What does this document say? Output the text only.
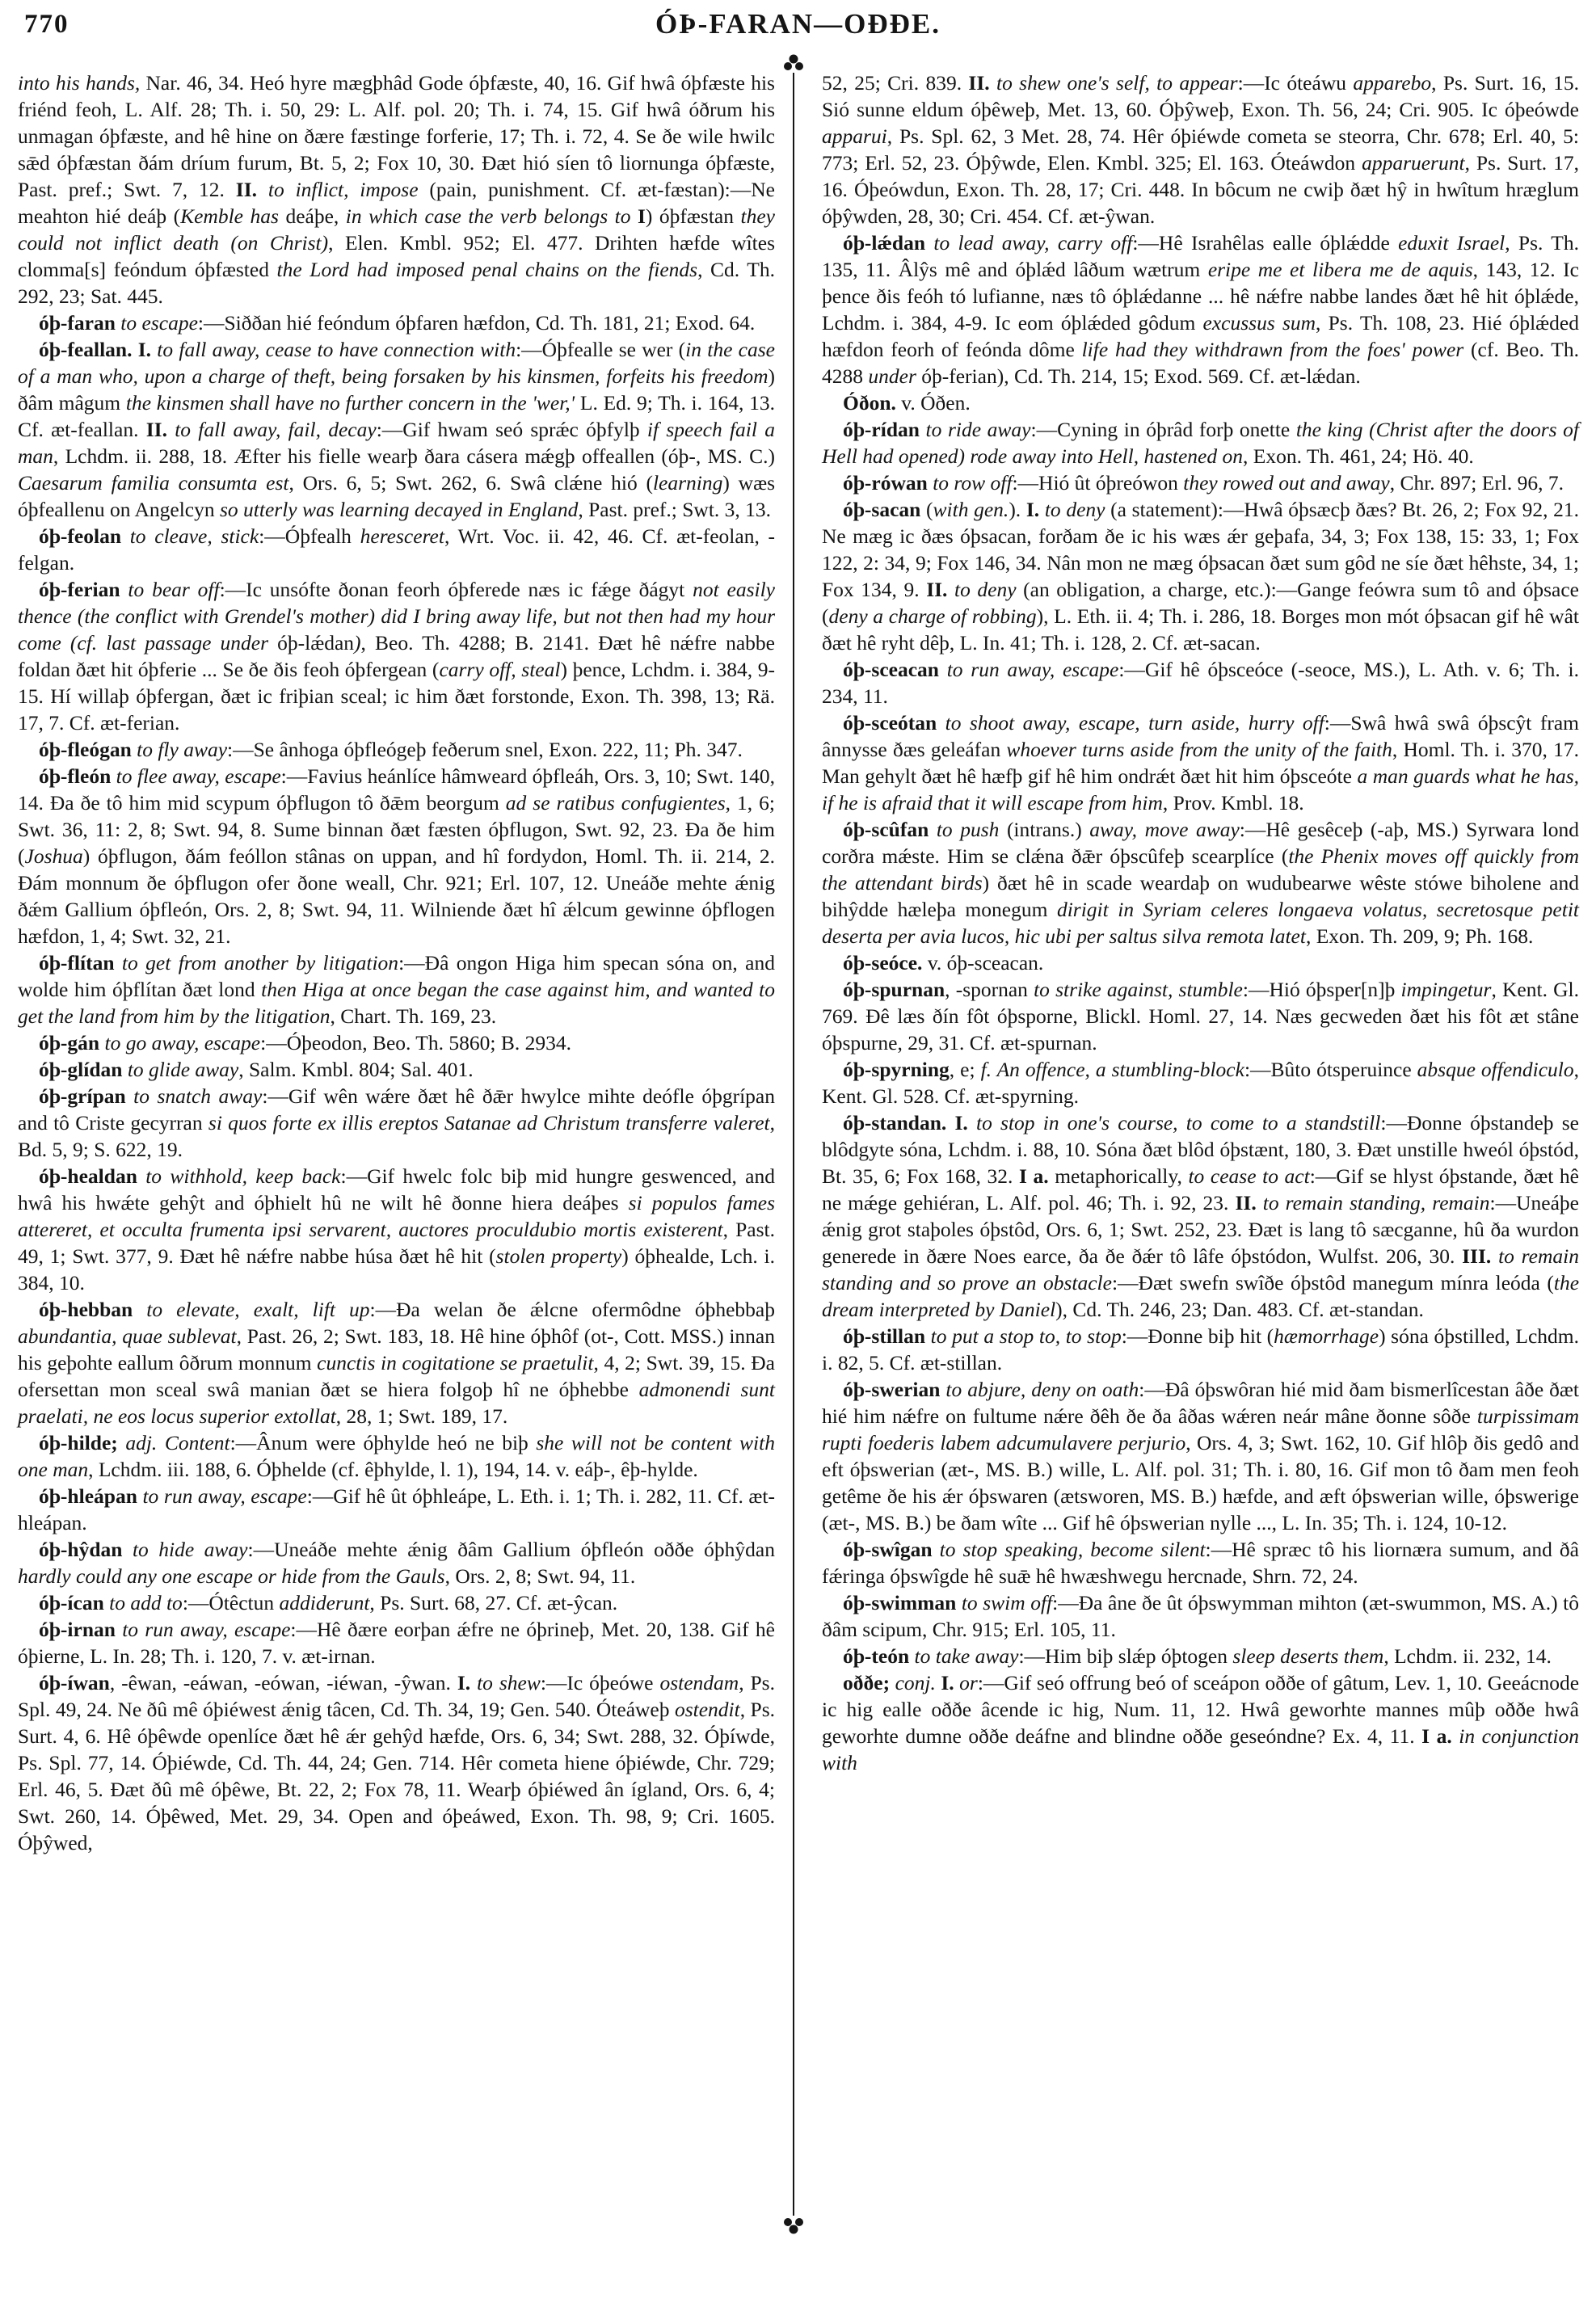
770	ÓÞ-FARAN—OÐÐE.

into his hands, Nar. 46, 34. Heó hyre mægþhâd Gode óþfæste, 40, 16. Gif hwâ óþfæste his friénd feoh, L. Alf. 28; Th. i. 50, 29: L. Alf. pol. 20; Th. i. 74, 15. Gif hwâ óðrum his unmagan óþfæste, and hê hine on ðære fæstinge forferie, 17; Th. i. 72, 4. Se ðe wile hwilc sǣd óþfæstan ðám dríum furum, Bt. 5, 2; Fox 10, 30. Ðæt hió síen tô liornunga óþfæste, Past. pref.; Swt. 7, 12. II. to inflict, impose (pain, punishment. Cf. æt-fæstan):—Ne meahton hié deáþ (Kemble has deáþe, in which case the verb belongs to I) óþfæstan they could not inflict death (on Christ), Elen. Kmbl. 952; El. 477. Drihten hæfde wîtes clomma[s] feóndum óþfæsted the Lord had imposed penal chains on the fiends, Cd. Th. 292, 23; Sat. 445.

óþ-faran to escape:—Siððan hié feóndum óþfaren hæfdon, Cd. Th. 181, 21; Exod. 64.

óþ-feallan. I. to fall away, cease to have connection with:—Óþfealle se wer (in the case of a man who, upon a charge of theft, being forsaken by his kinsmen, forfeits his freedom) ðâm mâgum the kinsmen shall have no further concern in the 'wer,' L. Ed. 9; Th. i. 164, 13. Cf. æt-feallan. II. to fall away, fail, decay:—Gif hwam seó sprǽc óþfylþ if speech fail a man, Lchdm. ii. 288, 18. Æfter his fielle wearþ ðara cásera mǽgþ offeallen (óþ-, MS. C.) Caesarum familia consumta est, Ors. 6, 5; Swt. 262, 6. Swâ clǽne hió (learning) wæs óþfeallenu on Angelcyn so utterly was learning decayed in England, Past. pref.; Swt. 3, 13.

óþ-feolan to cleave, stick:—Óþfealh heresceret, Wrt. Voc. ii. 42, 46. Cf. æt-feolan, -felgan.

óþ-ferian to bear off:—Ic unsófte ðonan feorh óþferede næs ic fǽge ðágyt not easily thence (the conflict with Grendel's mother) did I bring away life, but not then had my hour come (cf. last passage under óþ-lǽdan), Beo. Th. 4288; B. 2141. Ðæt hê nǽfre nabbe foldan ðæt hit óþferie ... Se ðe ðis feoh óþfergean (carry off, steal) þence, Lchdm. i. 384, 9-15. Hí willaþ óþfergan, ðæt ic friþian sceal; ic him ðæt forstonde, Exon. Th. 398, 13; Rä. 17, 7. Cf. æt-ferian.

óþ-fleógan to fly away:—Se ânhoga óþfleógeþ feðerum snel, Exon. 222, 11; Ph. 347.

óþ-fleón to flee away, escape:—Favius heánlíce hâmweard óþfleáh, Ors. 3, 10; Swt. 140, 14. Ða ðe tô him mid scypum óþflugon tô ðǣm beorgum ad se ratibus confugientes, 1, 6; Swt. 36, 11: 2, 8; Swt. 94, 8. Sume binnan ðæt fæsten óþflugon, Swt. 92, 23. Ða ðe him (Joshua) óþflugon, ðám feóllon stânas on uppan, and hî fordydon, Homl. Th. ii. 214, 2. Ðám monnum ðe óþflugon ofer ðone weall, Chr. 921; Erl. 107, 12. Uneáðe mehte ǽnig ðǽm Gallium óþfleón, Ors. 2, 8; Swt. 94, 11. Wilniende ðæt hî ǽlcum gewinne óþflogen hæfdon, 1, 4; Swt. 32, 21.

óþ-flítan to get from another by litigation:—Ðâ ongon Higa him specan sóna on, and wolde him óþflítan ðæt lond then Higa at once began the case against him, and wanted to get the land from him by the litigation, Chart. Th. 169, 23.

óþ-gán to go away, escape:—Óþeodon, Beo. Th. 5860; B. 2934.

óþ-glídan to glide away, Salm. Kmbl. 804; Sal. 401.

óþ-grípan to snatch away:—Gif wên wǽre ðæt hê ðǣr hwylce mihte deófle óþgrípan and tô Criste gecyrran si quos forte ex illis ereptos Satanae ad Christum transferre valeret, Bd. 5, 9; S. 622, 19.

óþ-healdan to withhold, keep back:—Gif hwelc folc biþ mid hungre geswenced, and hwâ his hwǽte gehŷt and óþhielt hû ne wilt hê ðonne hiera deáþes si populos fames attereret, et occulta frumenta ipsi servarent, auctores proculdubio mortis existerent, Past. 49, 1; Swt. 377, 9. Ðæt hê nǽfre nabbe húsa ðæt hê hit (stolen property) óþhealde, Lch. i. 384, 10.

óþ-hebban to elevate, exalt, lift up:—Ða welan ðe ǽlcne ofermôdne óþhebbaþ abundantia, quae sublevat, Past. 26, 2; Swt. 183, 18. Hê hine óþhôf (ot-, Cott. MSS.) innan his geþohte eallum ôðrum monnum cunctis in cogitatione se praetulit, 4, 2; Swt. 39, 15. Ða ofersettan mon sceal swâ manian ðæt se hiera folgoþ hî ne óþhebbe admonendi sunt praelati, ne eos locus superior extollat, 28, 1; Swt. 189, 17.

óþ-hilde; adj. Content:—Ânum were óþhylde heó ne biþ she will not be content with one man, Lchdm. iii. 188, 6. Óþhelde (cf. êþhylde, l. 1), 194, 14. v. eáþ-, êþ-hylde.

óþ-hleápan to run away, escape:—Gif hê ût óþhleápe, L. Eth. i. 1; Th. i. 282, 11. Cf. æt-hleápan.

óþ-hŷdan to hide away:—Uneáðe mehte ǽnig ðâm Gallium óþfleón oððe óþhŷdan hardly could any one escape or hide from the Gauls, Ors. 2, 8; Swt. 94, 11.

óþ-ícan to add to:—Ótêctun addiderunt, Ps. Surt. 68, 27. Cf. æt-ŷcan.

óþ-irnan to run away, escape:—Hê ðære eorþan ǽfre ne óþrineþ, Met. 20, 138. Gif hê óþierne, L. In. 28; Th. i. 120, 7. v. æt-irnan.

óþ-íwan, -êwan, -eáwan, -eówan, -iéwan, -ŷwan. I. to shew:—Ic óþeówe ostendam, Ps. Spl. 49, 24. Ne ðû mê óþiéwest ǽnig tâcen, Cd. Th. 34, 19; Gen. 540. Óteáweþ ostendit, Ps. Surt. 4, 6. Hê óþêwde openlíce ðæt hê ǽr gehŷd hæfde, Ors. 6, 34; Swt. 288, 32. Óþíwde, Ps. Spl. 77, 14. Óþiéwde, Cd. Th. 44, 24; Gen. 714. Hêr cometa hiene óþiéwde, Chr. 729; Erl. 46, 5. Ðæt ðû mê óþêwe, Bt. 22, 2; Fox 78, 11. Wearþ óþiéwed ân ígland, Ors. 6, 4; Swt. 260, 14. Óþêwed, Met. 29, 34. Open and óþeáwed, Exon. Th. 98, 9; Cri. 1605. Óþŷwed,

52, 25; Cri. 839. II. to shew one's self, to appear:—Ic óteáwu apparebo, Ps. Surt. 16, 15. Sió sunne eldum óþêweþ, Met. 13, 60. Óþŷweþ, Exon. Th. 56, 24; Cri. 905. Ic óþeówde apparui, Ps. Spl. 62, 3 Met. 28, 74. Hêr óþiéwde cometa se steorra, Chr. 678; Erl. 40, 5: 773; Erl. 52, 23. Óþŷwde, Elen. Kmbl. 325; El. 163. Óteáwdon apparuerunt, Ps. Surt. 17, 16. Óþeówdun, Exon. Th. 28, 17; Cri. 448. In bôcum ne cwiþ ðæt hŷ in hwîtum hræglum óþŷwden, 28, 30; Cri. 454. Cf. æt-ŷwan.

óþ-lǽdan to lead away, carry off:—Hê Israhêlas ealle óþlǽdde eduxit Israel, Ps. Th. 135, 11. Âlŷs mê and óþlǽd lâðum wætrum eripe me et libera me de aquis, 143, 12. Ic þence ðis feóh tó lufianne, næs tô óþlǽdanne ... hê nǽfre nabbe landes ðæt hê hit óþlǽde, Lchdm. i. 384, 4-9. Ic eom óþlǽded gôdum excussus sum, Ps. Th. 108, 23. Hié óþlǽded hæfdon feorh of feónda dôme life had they withdrawn from the foes' power (cf. Beo. Th. 4288 under óþ-ferian), Cd. Th. 214, 15; Exod. 569. Cf. æt-lǽdan.

Óðon. v. Óðen.

óþ-rídan to ride away:—Cyning in óþrâd forþ onette the king (Christ after the doors of Hell had opened) rode away into Hell, hastened on, Exon. Th. 461, 24; Hö. 40.

óþ-rówan to row off:—Hió ût óþreówon they rowed out and away, Chr. 897; Erl. 96, 7.

óþ-sacan (with gen.). I. to deny (a statement):—Hwâ óþsæcþ ðæs? Bt. 26, 2; Fox 92, 21. Ne mæg ic ðæs óþsacan, forðam ðe ic his wæs ǽr geþafa, 34, 3; Fox 138, 15: 33, 1; Fox 122, 2: 34, 9; Fox 146, 34. Nân mon ne mæg óþsacan ðæt sum gôd ne síe ðæt hêhste, 34, 1; Fox 134, 9. II. to deny (an obligation, a charge, etc.):—Gange feówra sum tô and óþsace (deny a charge of robbing), L. Eth. ii. 4; Th. i. 286, 18. Borges mon mót óþsacan gif hê wât ðæt hê ryht dêþ, L. In. 41; Th. i. 128, 2. Cf. æt-sacan.

óþ-sceacan to run away, escape:—Gif hê óþsceóce (-seoce, MS.), L. Ath. v. 6; Th. i. 234, 11.

óþ-sceótan to shoot away, escape, turn aside, hurry off:—Swâ hwâ swâ óþscŷt fram ânnysse ðæs geleáfan whoever turns aside from the unity of the faith, Homl. Th. i. 370, 17. Man gehylt ðæt hê hæfþ gif hê him ondrǽt ðæt hit him óþsceóte a man guards what he has, if he is afraid that it will escape from him, Prov. Kmbl. 18.

óþ-scûfan to push (intrans.) away, move away:—Hê gesêceþ (-aþ, MS.) Syrwara lond corðra mǽste. Him se clǽna ðǣr óþscûfeþ scearplíce (the Phenix moves off quickly from the attendant birds) ðæt hê in scade weardaþ on wudubearwe wêste stówe biholene and bihŷdde hæleþa monegum dirigit in Syriam celeres longaeva volatus, secretosque petit deserta per avia lucos, hic ubi per saltus silva remota latet, Exon. Th. 209, 9; Ph. 168.

óþ-seóce. v. óþ-sceacan.

óþ-spurnan, -spornan to strike against, stumble:—Hió óþsper[n]þ impingetur, Kent. Gl. 769. Ðê læs ðín fôt óþsporne, Blickl. Homl. 27, 14. Næs gecweden ðæt his fôt æt stâne óþspurne, 29, 31. Cf. æt-spurnan.

óþ-spyrning, e; f. An offence, a stumbling-block:—Bûto ótsperuince absque offendiculo, Kent. Gl. 528. Cf. æt-spyrning.

óþ-standan. I. to stop in one's course, to come to a standstill:—Ðonne óþstandeþ se blôdgyte sóna, Lchdm. i. 88, 10. Sóna ðæt blôd óþstænt, 180, 3. Ðæt unstille hweól óþstód, Bt. 35, 6; Fox 168, 32. I a. metaphorically, to cease to act:—Gif se hlyst óþstande, ðæt hê ne mǽge gehiéran, L. Alf. pol. 46; Th. i. 92, 23. II. to remain standing, remain:—Uneáþe ǽnig grot staþoles óþstôd, Ors. 6, 1; Swt. 252, 23. Ðæt is lang tô sæcganne, hû ða wurdon generede in ðære Noes earce, ða ðe ðǽr tô lâfe óþstódon, Wulfst. 206, 30. III. to remain standing and so prove an obstacle:—Ðæt swefn swîðe óþstôd manegum mínra leóda (the dream interpreted by Daniel), Cd. Th. 246, 23; Dan. 483. Cf. æt-standan.

óþ-stillan to put a stop to, to stop:—Ðonne biþ hit (hæmorrhage) sóna óþstilled, Lchdm. i. 82, 5. Cf. æt-stillan.

óþ-swerian to abjure, deny on oath:—Ðâ óþswôran hié mid ðam bismerlîcestan âðe ðæt hié him nǽfre on fultume nǽre ðêh ðe ða âðas wǽren neár mâne ðonne sôðe turpissimam rupti foederis labem adcumulavere perjurio, Ors. 4, 3; Swt. 162, 10. Gif hlôþ ðis gedô and eft óþswerian (æt-, MS. B.) wille, L. Alf. pol. 31; Th. i. 80, 16. Gif mon tô ðam men feoh getême ðe his ǽr óþswaren (ætsworen, MS. B.) hæfde, and æft óþswerian wille, óþswerige (æt-, MS. B.) be ðam wîte ... Gif hê óþswerian nylle ..., L. In. 35; Th. i. 124, 10-12.

óþ-swîgan to stop speaking, become silent:—Hê spræc tô his liornæra sumum, and ðâ fǽringa óþswîgde hê suǣ hê hwæshwegu hercnade, Shrn. 72, 24.

óþ-swimman to swim off:—Ða âne ðe ût óþswymman mihton (æt-swummon, MS. A.) tô ðâm scipum, Chr. 915; Erl. 105, 11.

óþ-teón to take away:—Him biþ slǽp óþtogen sleep deserts them, Lchdm. ii. 232, 14.

oððe; conj. I. or:—Gif seó offrung beó of sceápon oððe of gâtum, Lev. 1, 10. Geeácnode ic hig ealle oððe âcende ic hig, Num. 11, 12. Hwâ geworhte mannes mûþ oððe hwâ geworhte dumne oððe deáfne and blindne oððe geseóndne? Ex. 4, 11. I a. in conjunction with
